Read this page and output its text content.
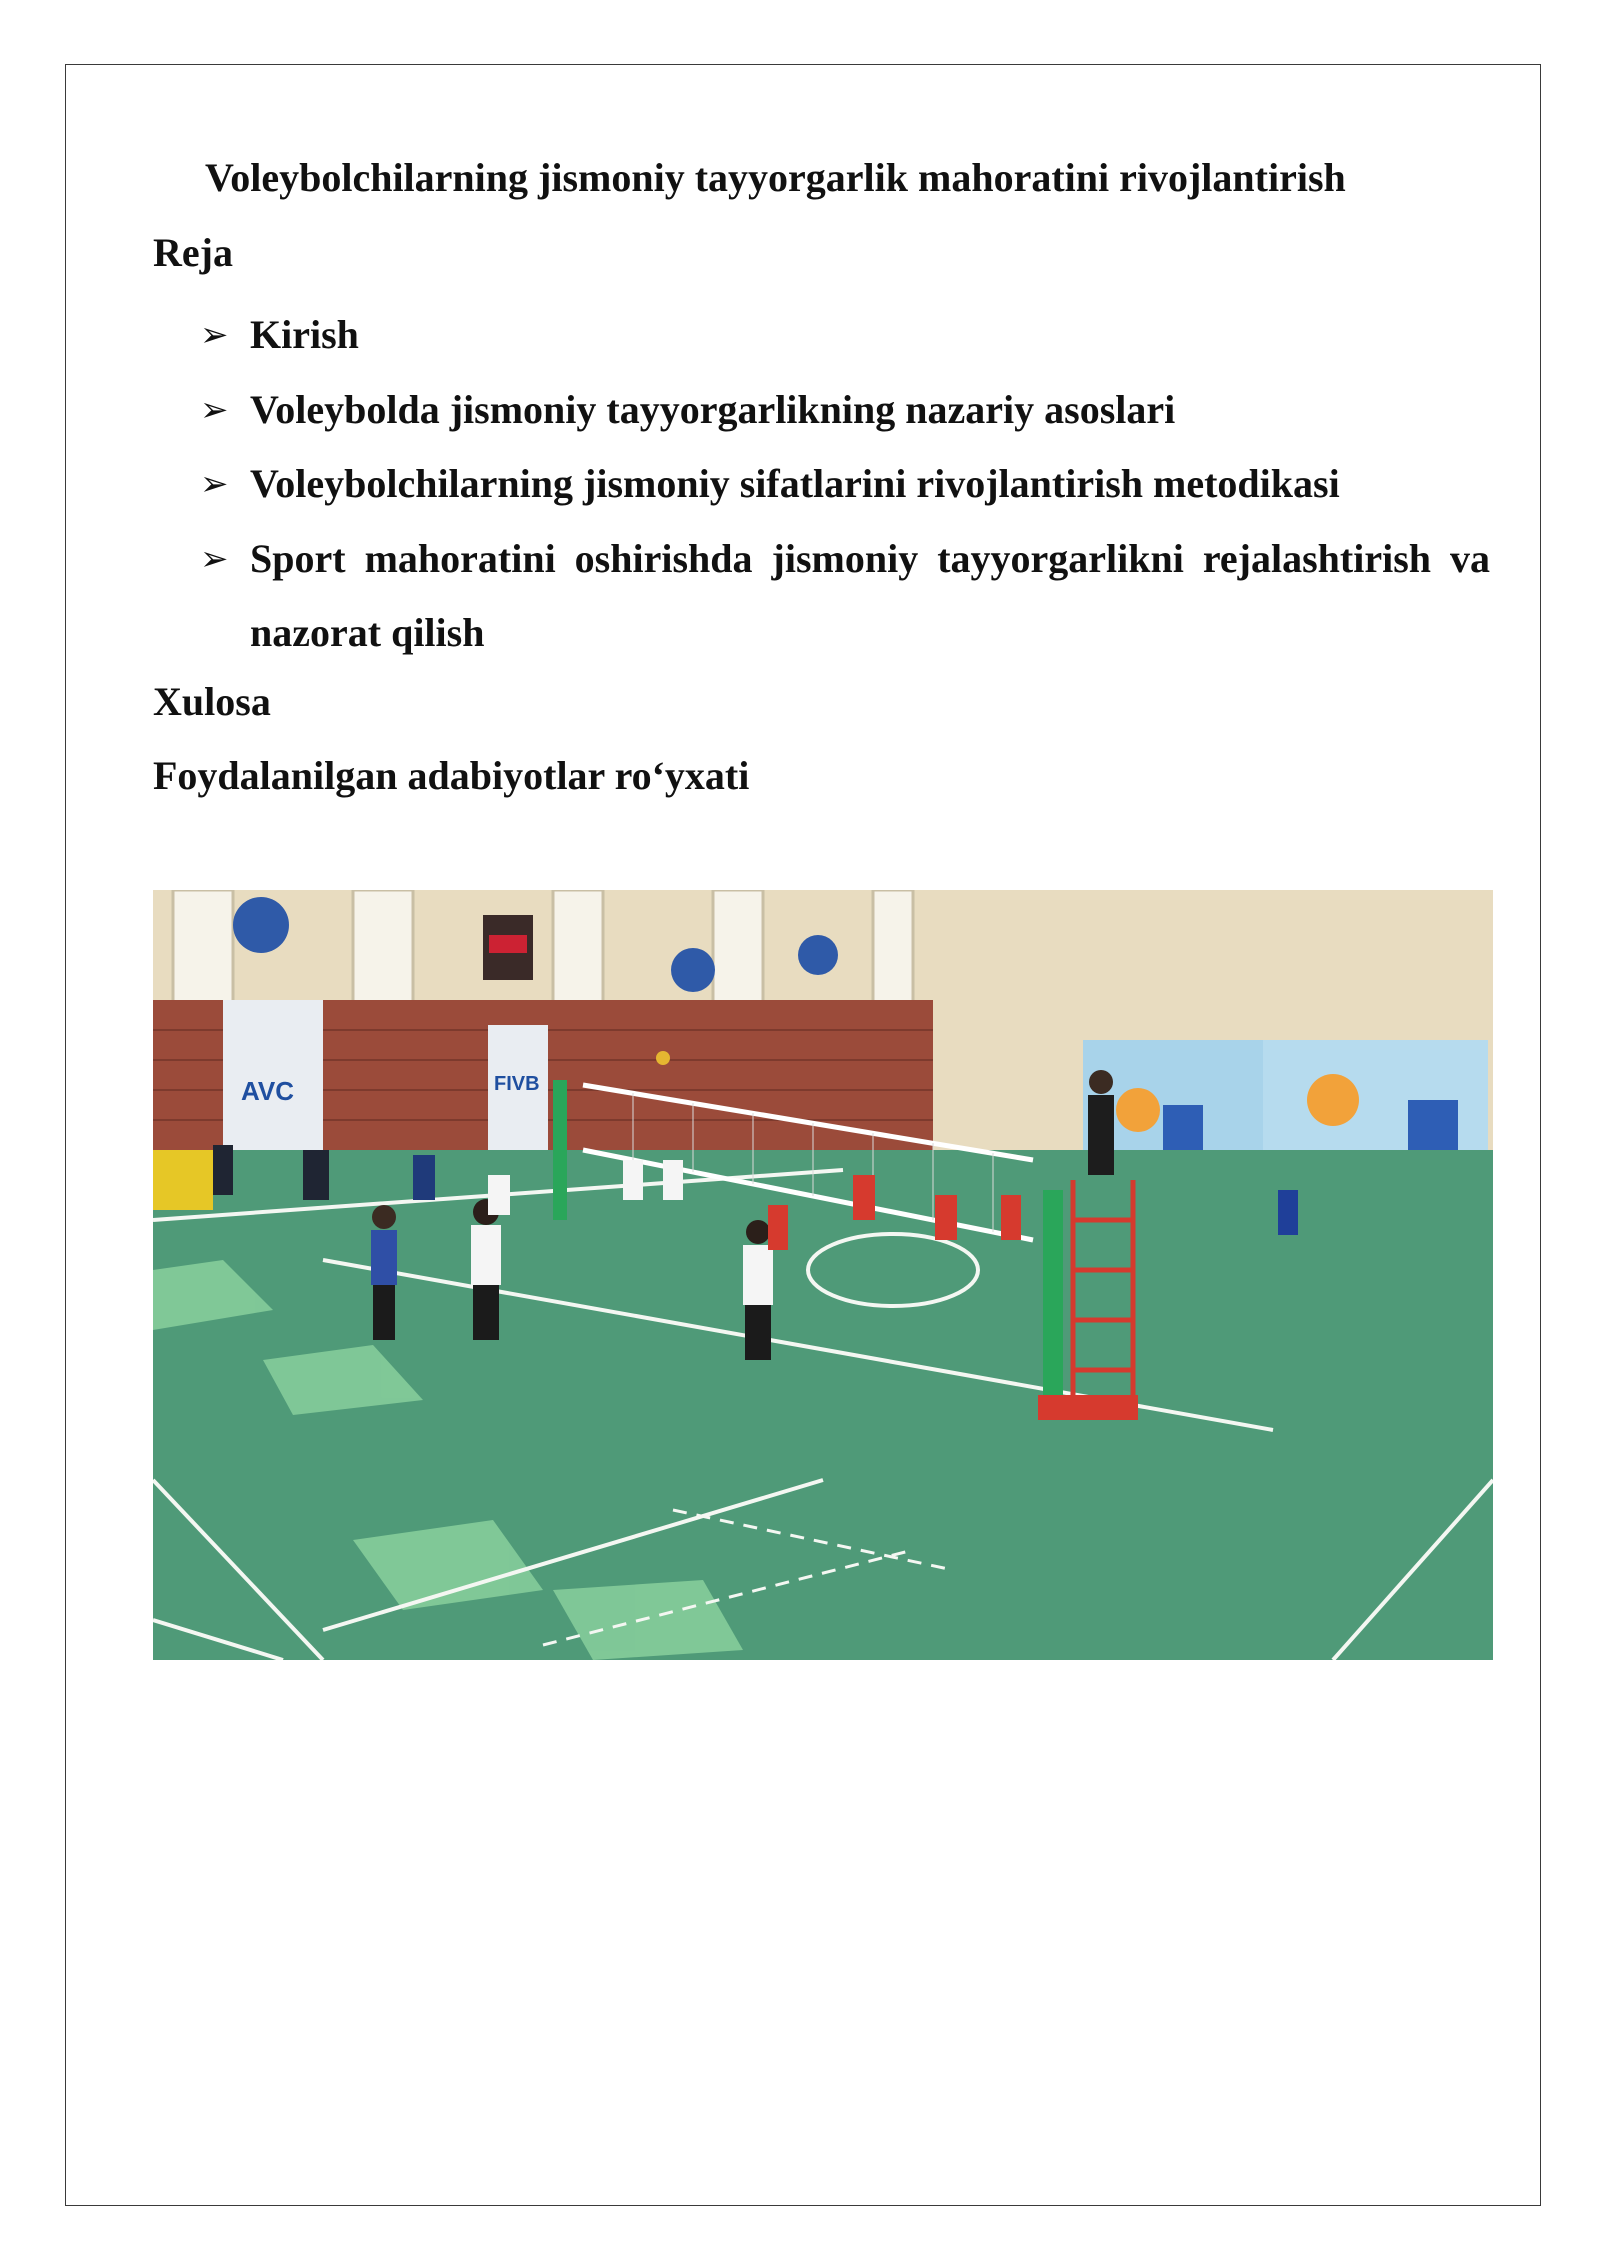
Voleybolchilarning jismoniy tayyorgarlik mahoratini rivojlantirish
Reja
➢ Kirish
➢ Voleybolda jismoniy tayyorgarlikning nazariy asoslari
➢ Voleybolchilarning jismoniy sifatlarini rivojlantirish metodikasi
➢ Sport mahoratini oshirishda jismoniy tayyorgarlikni rejalashtirish va nazorat qilish
Xulosa
Foydalanilgan adabiyotlar ro‘yxati
AVC	FIVB
